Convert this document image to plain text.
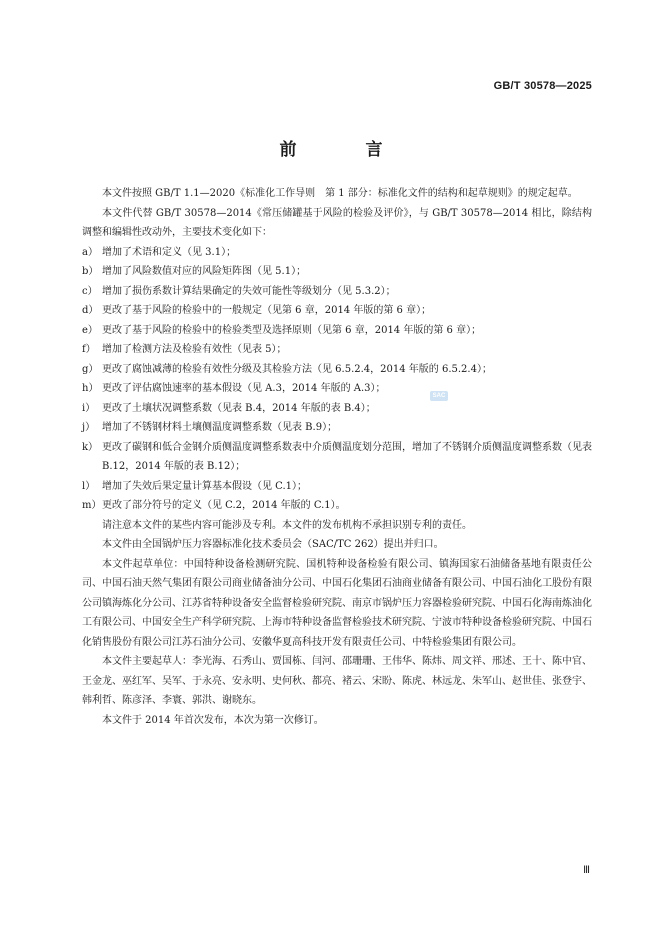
GB/T 30578—2025
前　言
SAC

本文件按照 GB/T 1.1—2020《标准化工作导则　第 1 部分：标准化文件的结构和起草规则》的规定起草。

本文件代替 GB/T 30578—2014《常压储罐基于风险的检验及评价》，与 GB/T 30578—2014 相比，除结构调整和编辑性改动外，主要技术变化如下：

a） 增加了术语和定义（见 3.1）；
b） 增加了风险数值对应的风险矩阵图（见 5.1）；
c） 增加了损伤系数计算结果确定的失效可能性等级划分（见 5.3.2）；
d） 更改了基于风险的检验中的一般规定（见第 6 章，2014 年版的第 6 章）；
e） 更改了基于风险的检验中的检验类型及选择原则（见第 6 章，2014 年版的第 6 章）；
f） 增加了检测方法及检验有效性（见表 5）；
g） 更改了腐蚀减薄的检验有效性分级及其检验方法（见 6.5.2.4，2014 年版的 6.5.2.4）；
h） 更改了评估腐蚀速率的基本假设（见 A.3，2014 年版的 A.3）；
i） 更改了土壤状况调整系数（见表 B.4，2014 年版的表 B.4）；
j） 增加了不锈钢材料土壤侧温度调整系数（见表 B.9）；
k） 更改了碳钢和低合金钢介质侧温度调整系数表中介质侧温度划分范围，增加了不锈钢介质侧温度调整系数（见表 B.12，2014 年版的表 B.12）；
l） 增加了失效后果定量计算基本假设（见 C.1）；
m） 更改了部分符号的定义（见 C.2，2014 年版的 C.1）。

请注意本文件的某些内容可能涉及专利。本文件的发布机构不承担识别专利的责任。

本文件由全国锅炉压力容器标准化技术委员会（SAC/TC 262）提出并归口。

本文件起草单位：中国特种设备检测研究院、国机特种设备检验有限公司、镇海国家石油储备基地有限责任公司、中国石油天然气集团有限公司商业储备油分公司、中国石化集团石油商业储备有限公司、中国石油化工股份有限公司镇海炼化分公司、江苏省特种设备安全监督检验研究院、南京市锅炉压力容器检验研究院、中国石化海南炼油化工有限公司、中国安全生产科学研究院、上海市特种设备监督检验技术研究院、宁波市特种设备检验研究院、中国石化销售股份有限公司江苏石油分公司、安徽华夏高科技开发有限责任公司、中特检验集团有限公司。

本文件主要起草人：李光海、石秀山、贾国栋、闫河、邵珊珊、王伟华、陈炜、周文祥、邢述、王十、陈中官、王金龙、巫红军、吴军、于永亮、安永明、史何秋、都亮、褚云、宋盼、陈虎、林远龙、朱军山、赵世佳、张登宇、韩利哲、陈彦泽、李寰、郭洪、谢晓东。

本文件于 2014 年首次发布，本次为第一次修订。

Ⅲ
